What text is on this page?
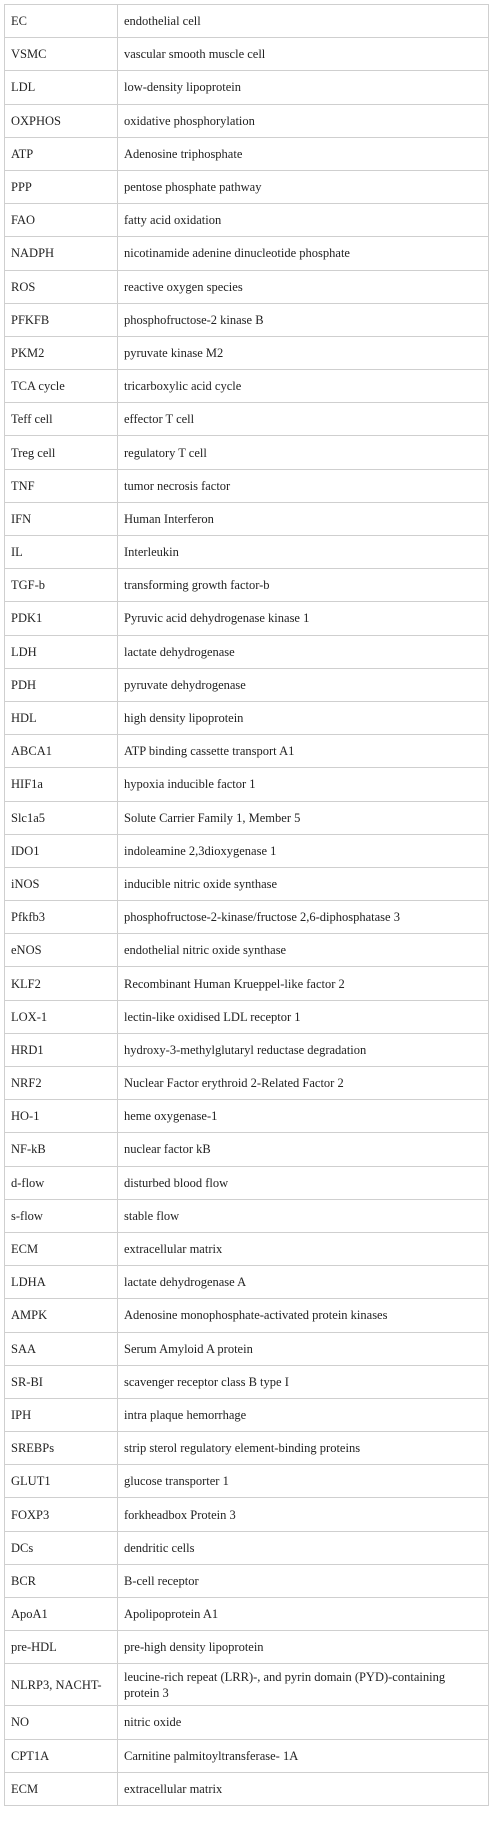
EC	endothelial cell
VSMC	vascular smooth muscle cell
LDL	low-density lipoprotein
OXPHOS	oxidative phosphorylation
ATP	Adenosine triphosphate
PPP	pentose phosphate pathway
FAO	fatty acid oxidation
NADPH	nicotinamide adenine dinucleotide phosphate
ROS	reactive oxygen species
PFKFB	phosphofructose-2 kinase B
PKM2	pyruvate kinase M2
TCA cycle	tricarboxylic acid cycle
Teff cell	effector T cell
Treg cell	regulatory T cell
TNF	tumor necrosis factor
IFN	Human Interferon
IL	Interleukin
TGF-b	transforming growth factor-b
PDK1	Pyruvic acid dehydrogenase kinase 1
LDH	lactate dehydrogenase
PDH	pyruvate dehydrogenase
HDL	high density lipoprotein
ABCA1	ATP binding cassette transport A1
HIF1a	hypoxia inducible factor 1
Slc1a5	Solute Carrier Family 1, Member 5
IDO1	indoleamine 2,3dioxygenase 1
iNOS	inducible nitric oxide synthase
Pfkfb3	phosphofructose-2-kinase/fructose 2,6-diphosphatase 3
eNOS	endothelial nitric oxide synthase
KLF2	Recombinant Human Krueppel-like factor 2
LOX-1	lectin-like oxidised LDL receptor 1
HRD1	hydroxy-3-methylglutaryl reductase degradation
NRF2	Nuclear Factor erythroid 2-Related Factor 2
HO-1	heme oxygenase-1
NF-kB	nuclear factor kB
d-flow	disturbed blood flow
s-flow	stable flow
ECM	extracellular matrix
LDHA	lactate dehydrogenase A
AMPK	Adenosine monophosphate-activated protein kinases
SAA	Serum Amyloid A protein
SR-BI	scavenger receptor class B type I
IPH	intra plaque hemorrhage
SREBPs	strip sterol regulatory element-binding proteins
GLUT1	glucose transporter 1
FOXP3	forkheadbox Protein 3
DCs	dendritic cells
BCR	B-cell receptor
ApoA1	Apolipoprotein A1
pre-HDL	pre-high density lipoprotein
NLRP3, NACHT-	leucine-rich repeat (LRR)-, and pyrin domain (PYD)-containing protein 3
NO	nitric oxide
CPT1A	Carnitine palmitoyltransferase- 1A
ECM	extracellular matrix
